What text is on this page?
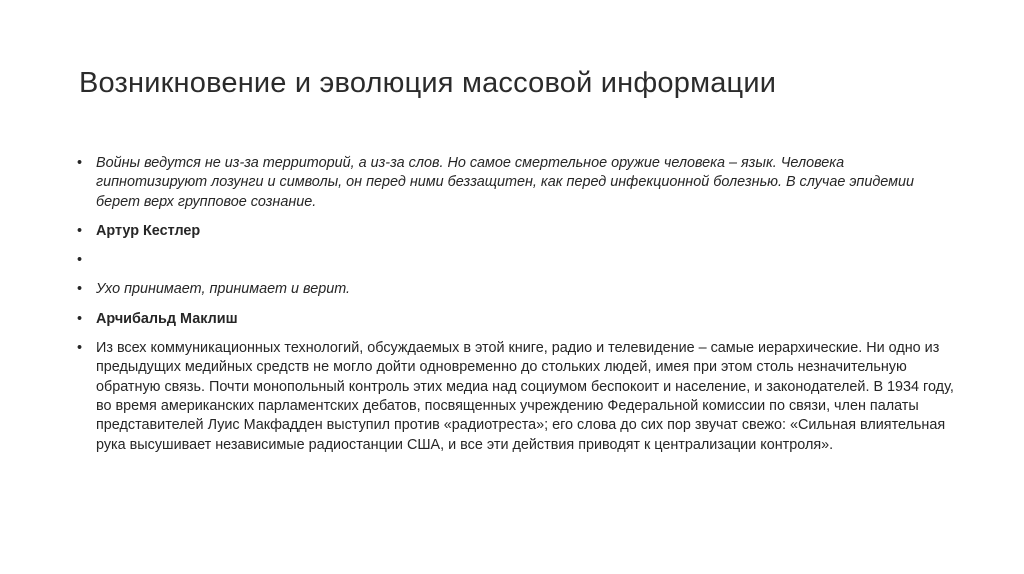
Возникновение и эволюция массовой информации
• Войны ведутся не из-за территорий, а из-за слов. Но самое смертельное оружие человека – язык. Человека гипнотизируют лозунги и символы, он перед ними беззащитен, как перед инфекционной болезнью. В случае эпидемии берет верх групповое сознание.
• Артур Кестлер
•
• Ухо принимает, принимает и верит.
• Арчибальд Маклиш
• Из всех коммуникационных технологий, обсуждаемых в этой книге, радио и телевидение – самые иерархические. Ни одно из предыдущих медийных средств не могло дойти одновременно до стольких людей, имея при этом столь незначительную обратную связь. Почти монопольный контроль этих медиа над социумом беспокоит и население, и законодателей. В 1934 году, во время американских парламентских дебатов, посвященных учреждению Федеральной комиссии по связи, член палаты представителей Луис Макфадден выступил против «радиотреста»; его слова до сих пор звучат свежо: «Сильная влиятельная рука высушивает независимые радиостанции США, и все эти действия приводят к централизации контроля».
